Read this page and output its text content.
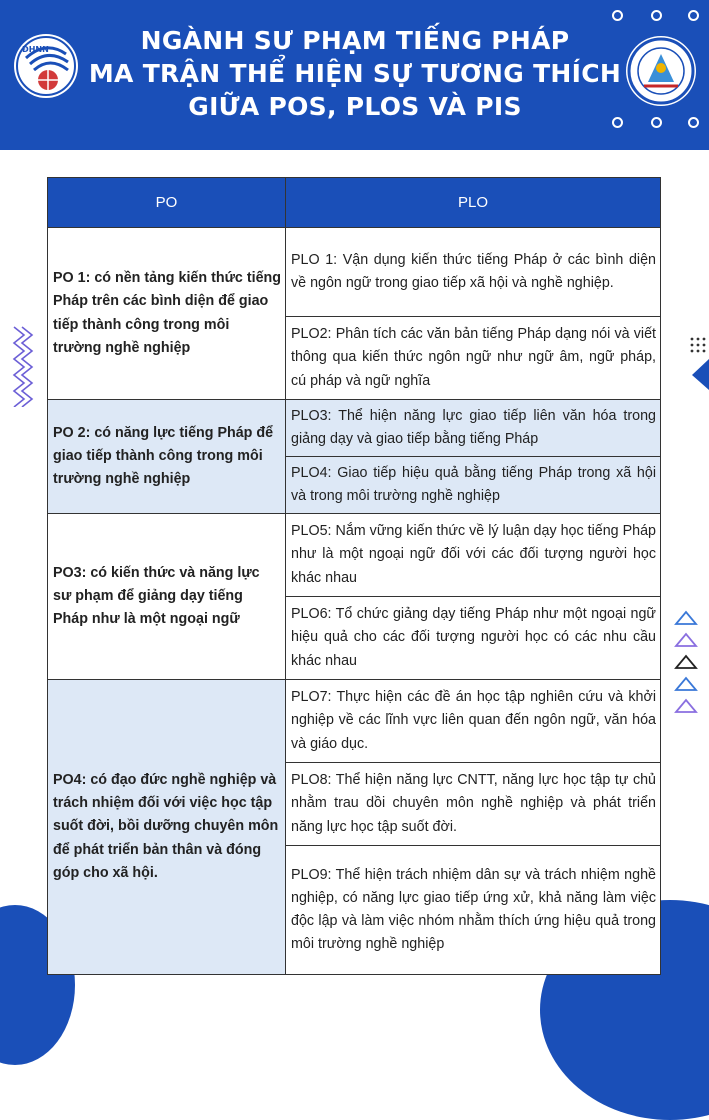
ĐHNN	NGÀNH SƯ PHẠM TIẾNG PHÁP
MA TRẬN THỂ HIỆN SỰ TƯƠNG THÍCH
GIỮA POS, PLOS VÀ PIS
PO	PLO
PO 1: có nền tảng kiến thức tiếng Pháp trên các bình diện để giao tiếp thành công trong môi trường nghề nghiệp	PLO 1: Vận dụng kiến thức tiếng Pháp ở các bình diện về ngôn ngữ trong giao tiếp xã hội và nghề nghiệp.
	PLO2: Phân tích các văn bản tiếng Pháp dạng nói và viết thông qua kiến thức ngôn ngữ như ngữ âm, ngữ pháp, cú pháp và ngữ nghĩa
PO 2: có năng lực tiếng Pháp để giao tiếp thành công trong môi trường nghề nghiệp	PLO3: Thể hiện năng lực giao tiếp liên văn hóa trong giảng dạy và giao tiếp bằng tiếng Pháp
	PLO4: Giao tiếp hiệu quả bằng tiếng Pháp trong xã hội và trong môi trường nghề nghiệp
PO3: có kiến thức và năng lực sư phạm để giảng dạy tiếng Pháp như là một ngoại ngữ	PLO5: Nắm vững kiến thức về lý luận dạy học tiếng Pháp như là một ngoại ngữ đối với các đối tượng người học khác nhau
	PLO6: Tổ chức giảng dạy tiếng Pháp như một ngoại ngữ hiệu quả cho các đối tượng người học có các nhu cầu khác nhau
PO4: có đạo đức nghề nghiệp và trách nhiệm đối với việc học tập suốt đời, bồi dưỡng chuyên môn để phát triển bản thân và đóng góp cho xã hội.	PLO7: Thực hiện các đề án học tập nghiên cứu và khởi nghiệp về các lĩnh vực liên quan đến ngôn ngữ, văn hóa và giáo dục.
	PLO8: Thể hiện năng lực CNTT, năng lực học tập tự chủ nhằm trau dồi chuyên môn nghề nghiệp và phát triển năng lực học tập suốt đời.
	PLO9: Thể hiện trách nhiệm dân sự và trách nhiệm nghề nghiệp, có năng lực giao tiếp ứng xử, khả năng làm việc độc lập và làm việc nhóm nhằm thích ứng hiệu quả trong môi trường nghề nghiệp
